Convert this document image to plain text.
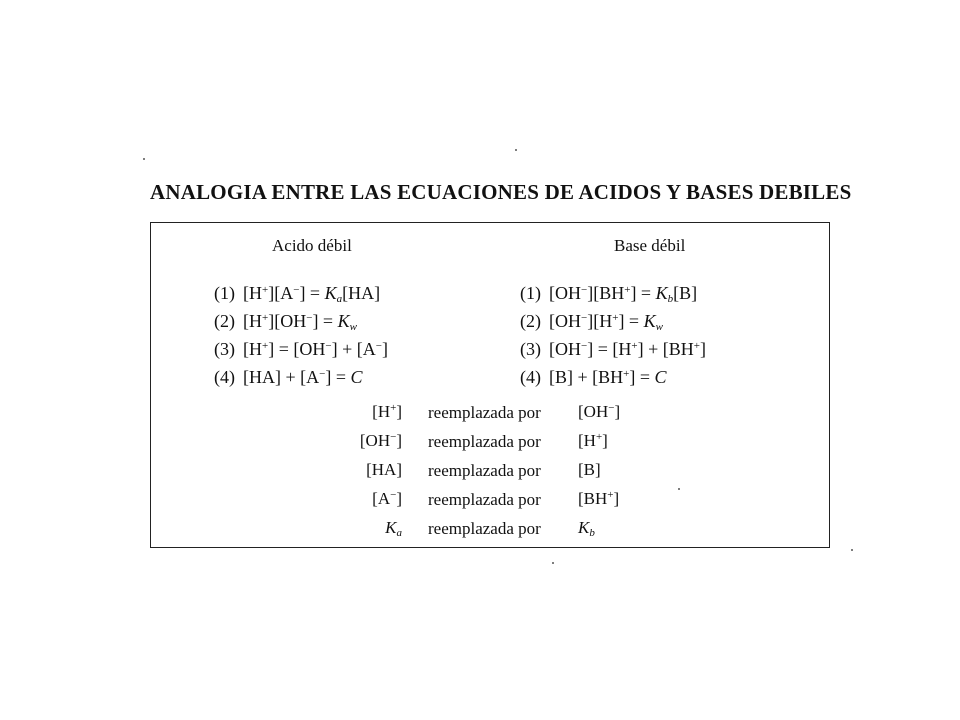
ANALOGIA ENTRE LAS ECUACIONES DE ACIDOS Y BASES DEBILES
Acido débil	Base débil
(1) $[H^+][A^-] = K_a[HA]$
(2) $[H^+][OH^-] = K_w$
(3) [H+] = [OH−] + [A−]
(4) [HA] + [A−] = C
(1) $[OH^-][BH^+] = K_b[B]$
(2) $[OH^-][H^+] = K_w$
(3) [OH−] = [H+] + [BH+]
(4) [B] + [BH+] = C
[H+] reemplazada por [OH−]
[OH−] reemplazada por [H+]
[HA] reemplazada por [B]
[A−] reemplazada por [BH+]
$K_a$ reemplazada por $K_b$
